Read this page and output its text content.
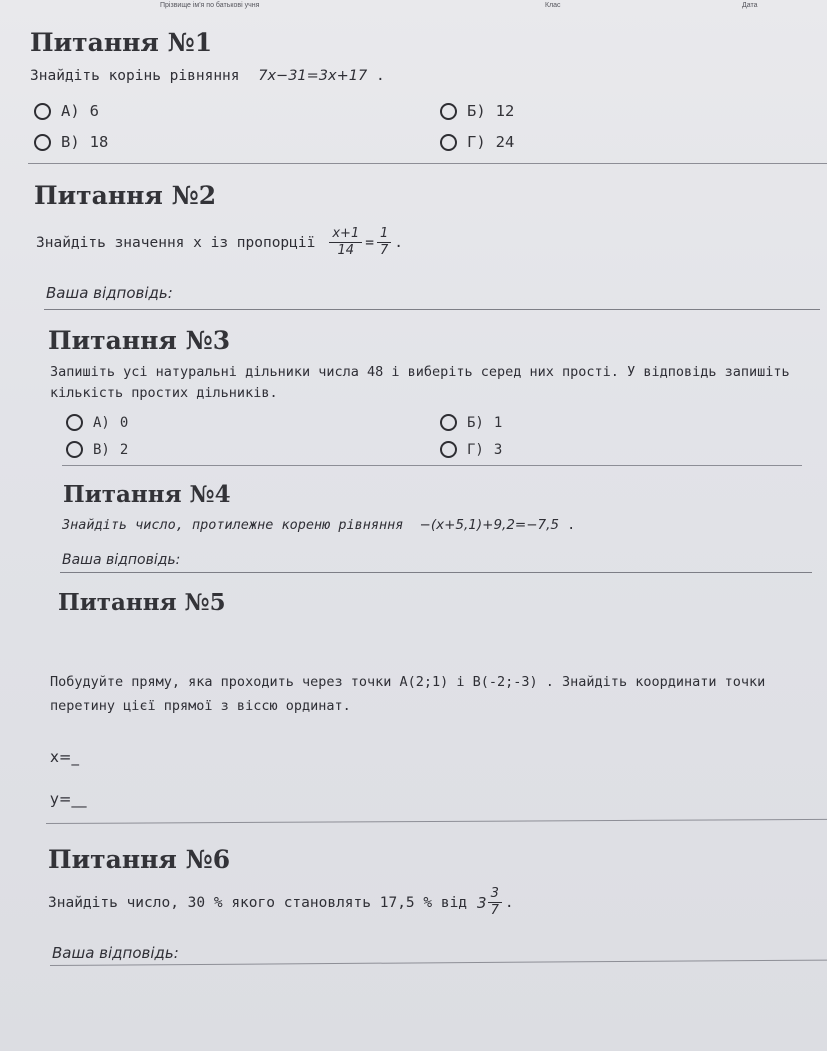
Прізвище ім'я по батькові учня	Клас	Дата
Питання №1
Знайдіть корінь рівняння 7x−31=3x+17 .
А) 6	Б) 12
В) 18	Г) 24
Питання №2
Знайдіть значення x із пропорції $\frac{x+1}{14} = \frac{1}{7}$ .
Ваша відповідь:
Питання №3
Запишіть усі натуральні дільники числа 48 і виберіть серед них прості. У відповідь запишіть
кількість простих дільників.
А) 0	Б) 1
В) 2	Г) 3
Питання №4
Знайдіть число, протилежне кореню рівняння −(x+5,1)+9,2=−7,5 .
Ваша відповідь:
Питання №5
Побудуйте пряму, яка проходить через точки A(2;1) і B(-2;-3) . Знайдіть координати точки
перетину цієї прямої з віссю ординат.
x=_
y=__
Питання №6
Знайдіть число, 30 % якого становлять 17,5 % від $3 \frac{3}{7}$ .
Ваша відповідь:
